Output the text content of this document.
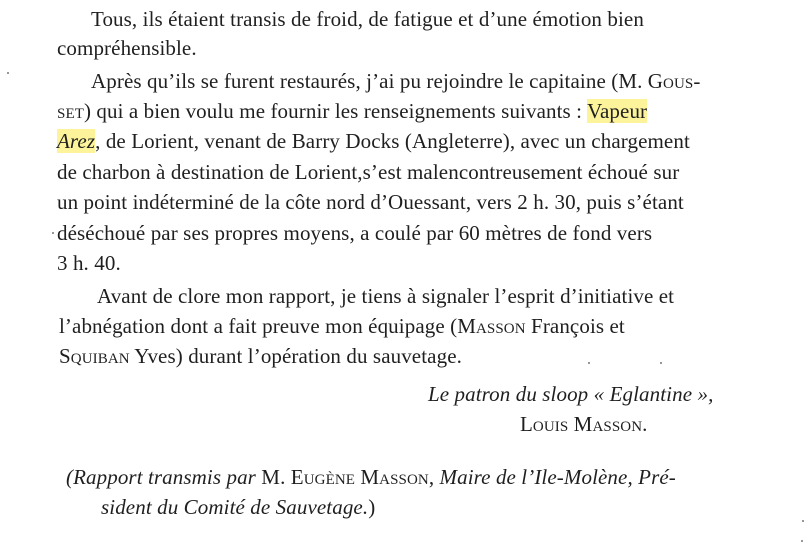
Tous, ils étaient transis de froid, de fatigue et d’une émotion bien
compréhensible.
Après qu’ils se furent restaurés, j’ai pu rejoindre le capitaine (M. Gous-
set) qui a bien voulu me fournir les renseignements suivants : Vapeur
Arez, de Lorient, venant de Barry Docks (Angleterre), avec un chargement
de charbon à destination de Lorient,s’est malencontreusement échoué sur
un point indéterminé de la côte nord d’Ouessant, vers 2 h. 30, puis s’étant
déséchoué par ses propres moyens, a coulé par 60 mètres de fond vers
3 h. 40.
Avant de clore mon rapport, je tiens à signaler l’esprit d’initiative et
l’abnégation dont a fait preuve mon équipage (Masson François et
Squiban Yves) durant l’opération du sauvetage.
Le patron du sloop « Eglantine »,
Louis Masson.
(Rapport transmis par M. Eugène Masson, Maire de l’Ile-Molène, Pré-
sident du Comité de Sauvetage.)
